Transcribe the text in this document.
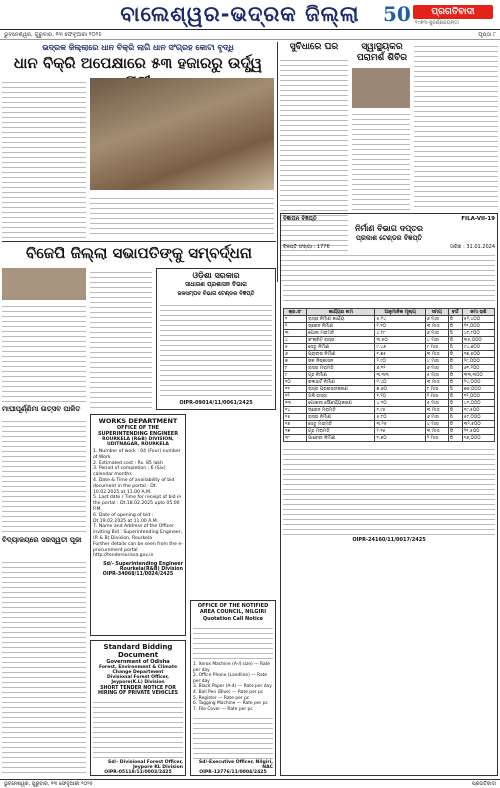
ବାଲେଶ୍ୱର-ଭଦ୍ରକ ଜିଲ୍ଲା	50	ପ୍ରଗତିବାଦୀ
୧୯୭୩-ସୁବର୍ଣ୍ଣଜୟନ୍ତୀ
ଭୁବନେଶ୍ୱର, ଗୁରୁବାର, ୧୩ ଫେବୃଆରୀ ୨୦୨୫	ପୃଷ୍ଠା ୮
ଭଦ୍ରକ ଜିଲ୍ଲାରେ ଧାନ ବିକ୍ରି ଲାଗି ଧାନ ସଂଗ୍ରହ କୋଟା ବୃଦ୍ଧି
ଧାନ ବିକ୍ରି ଅପେକ୍ଷାରେ ୫୩ ହଜାରରୁ ଉର୍ଦ୍ଧ୍ୱ
ସୁବିଧାରେ ଘର	ସ୍ୱାସ୍ଥ୍ୟକର ପରାମର୍ଶ ଶିବିର
ବିଜେପି ଜିଲ୍ଲା ସଭାପତିଙ୍କୁ ସମ୍ବର୍ଦ୍ଧନା
ମାଘୀପୂର୍ଣ୍ଣିମା ଉତ୍ସବ ପାଳିତ
ବିଦ୍ୟାଳୟରେ ସରସ୍ୱତୀ ପୂଜା
ଓଡ଼ିଶା ସରକାର
ସାଧାରଣ ପ୍ରଶାସନ ବିଭାଗ
ଜଳସମ୍ପଦ ବିଭାଗ ଟେଣ୍ଡର ବିଜ୍ଞପ୍ତି
OIPR-09014/11/0061/2425
WORKS DEPARTMENT
OFFICE OF THE SUPERINTENDING ENGINEER
ROURKELA (R&B) DIVISION, UDITNAGAR, ROURKELA
1. Number of work : 04 (Four) number of Work
2. Estimated cost : Rs. 85 lakh
3. Period of completion : 6 (Six) calendar months
4. Date & Time of availability of bid document in the portal : Dt. 10.02.2025 at 11.00 A.M.
5. Last date / Time for receipt of bid in the portal : Dt.18.02.2025 upto 05.00 P.M.
6. Date of opening of bid : Dt.19.02.2025 at 11.00 A.M.
7. Name and Address of the Officer inviting Bid : Superintending Engineer, (R & B) Division, Rourkela
Further details can be seen from the e-procurement portal http://tendersorissa.gov.in
Sd/- Superintending Engineer Rourkela(R&B) Division
OIPR-34068/11/0024/2425
OFFICE OF THE NOTIFIED AREA COUNCIL, NILGIRI
Quotation Call Notice
1. Xerox Machine (A-4 size) — Rate per day
2. Office Phone (Landline) — Rate per day
3. Black Paper (A-4) — Rate per day
4. Ball Pen (Blue) — Rate per pc
5. Register — Rate per pc
6. Tagging Machine — Rate per pc
7. File Cover — Rate per pc
Sd/-Executive Officer, Nilgiri, NAC
OIPR-13776/11/0004/2425
Standard Bidding Document
Government of Odisha
Forest, Environment & Climate Change Department
Divisional Forest Officer, Jeypore(K.L) Division
SHORT TENDER NOTICE FOR HIRING OF PRIVATE VEHICLES
Sd/- Divisional Forest Officer, Jeypore KL Division
OIPR-05118/11/0003/2425
ବିଜ୍ଞାପନ ବିଜ୍ଞପ୍ତି	FILA-VII-19
ନିର୍ମାଣ ବିଭାଗ ଦପ୍ତର
ପ୍ରକାଶ ଟେଣ୍ଡର ବିଜ୍ଞପ୍ତି
ବିଜ୍ଞପ୍ତି ସଂଖ୍ୟା : 1776	ତାରିଖ : 31.01.2024
କ୍ର.ସଂ	କାର୍ଯ୍ୟର ନାମ	ଆନୁମାନିକ ମୂଲ୍ୟ	ସମୟ	ବର୍ଗ	ଜମା ରାଶି
୧	ରାସ୍ତା ନିର୍ମାଣ କାର୍ଯ୍ୟ	୫.୨୪	୬ ମାସ	ଡି	୫୨,୪୦୦
୨	ଡ୍ରେନ ନିର୍ମାଣ	୨.୧୦	୩ ମାସ	ଡି	୨୧,୦୦୦
୩	ପୋଲ ମରାମତି	୪.୮୮	୬ ମାସ	ସି	୪୮,୮୦୦
୪	କଂକ୍ରିଟ ରାସ୍ତା	୩.୫୦	୪ ମାସ	ଡି	୩୫,୦୦୦
୫	ସେତୁ ନିର୍ମାଣ	୯.୪୬	୯ ମାସ	ସି	୯୪,୬୦୦
୬	ପ୍ରାଚୀର ନିର୍ମାଣ	୧.୭୫	୩ ମାସ	ଡି	୧୭,୫୦୦
୭	ଜଳ ନିଷ୍କାସନ	୨.୯୦	୪ ମାସ	ଡି	୨୯,୦୦୦
୮	ରାସ୍ତା ମରାମତି	୬.୧୨	୬ ମାସ	ସି	୬୧,୨୦୦
୯	ଗୃହ ନିର୍ମାଣ	୩.୩୩	୫ ମାସ	ଡି	୩୩,୩୦୦
୧୦	କଲଭର୍ଟ ନିର୍ମାଣ	୨.୪୦	୩ ମାସ	ଡି	୨୪,୦୦୦
୧୧	ରାସ୍ତା ପ୍ରଶସ୍ତୀକରଣ	୭.୬୦	୮ ମାସ	ସି	୭୬,୦୦୦
୧୨	ଗଳି ରାସ୍ତା	୧.୨୦	୨ ମାସ	ଡି	୧୨,୦୦୦
୧୩	ପୋଖରୀ ସୌନ୍ଦର୍ଯ୍ୟକରଣ	୪.୧୦	୫ ମାସ	ଡି	୪୧,୦୦୦
୧୪	ଡ୍ରେନ ମରାମତି	୧.୯୫	୩ ମାସ	ଡି	୧୯,୫୦୦
୧୫	ରାସ୍ତା ନିର୍ମାଣ	୫.୮୦	୬ ମାସ	ସି	୫୮,୦୦୦
୧୬	ସେତୁ ମରାମତି	୩.୨୫	୪ ମାସ	ଡି	୩୨,୫୦୦
୧୭	ଗୃହ ମରାମତି	୨.୧୫	୩ ମାସ	ଡି	୨୧,୫୦୦
୧୮	ପାଚେରୀ ନିର୍ମାଣ	୧.୬୦	୨ ମାସ	ଡି	୧୬,୦୦୦
OIPR-24160/11/0017/2425
ଭୁବନେଶ୍ୱର, ଗୁରୁବାର, ୧୩ ଫେବୃଆରୀ ୨୦୨୫	ପ୍ରଗତିବାଦୀ
